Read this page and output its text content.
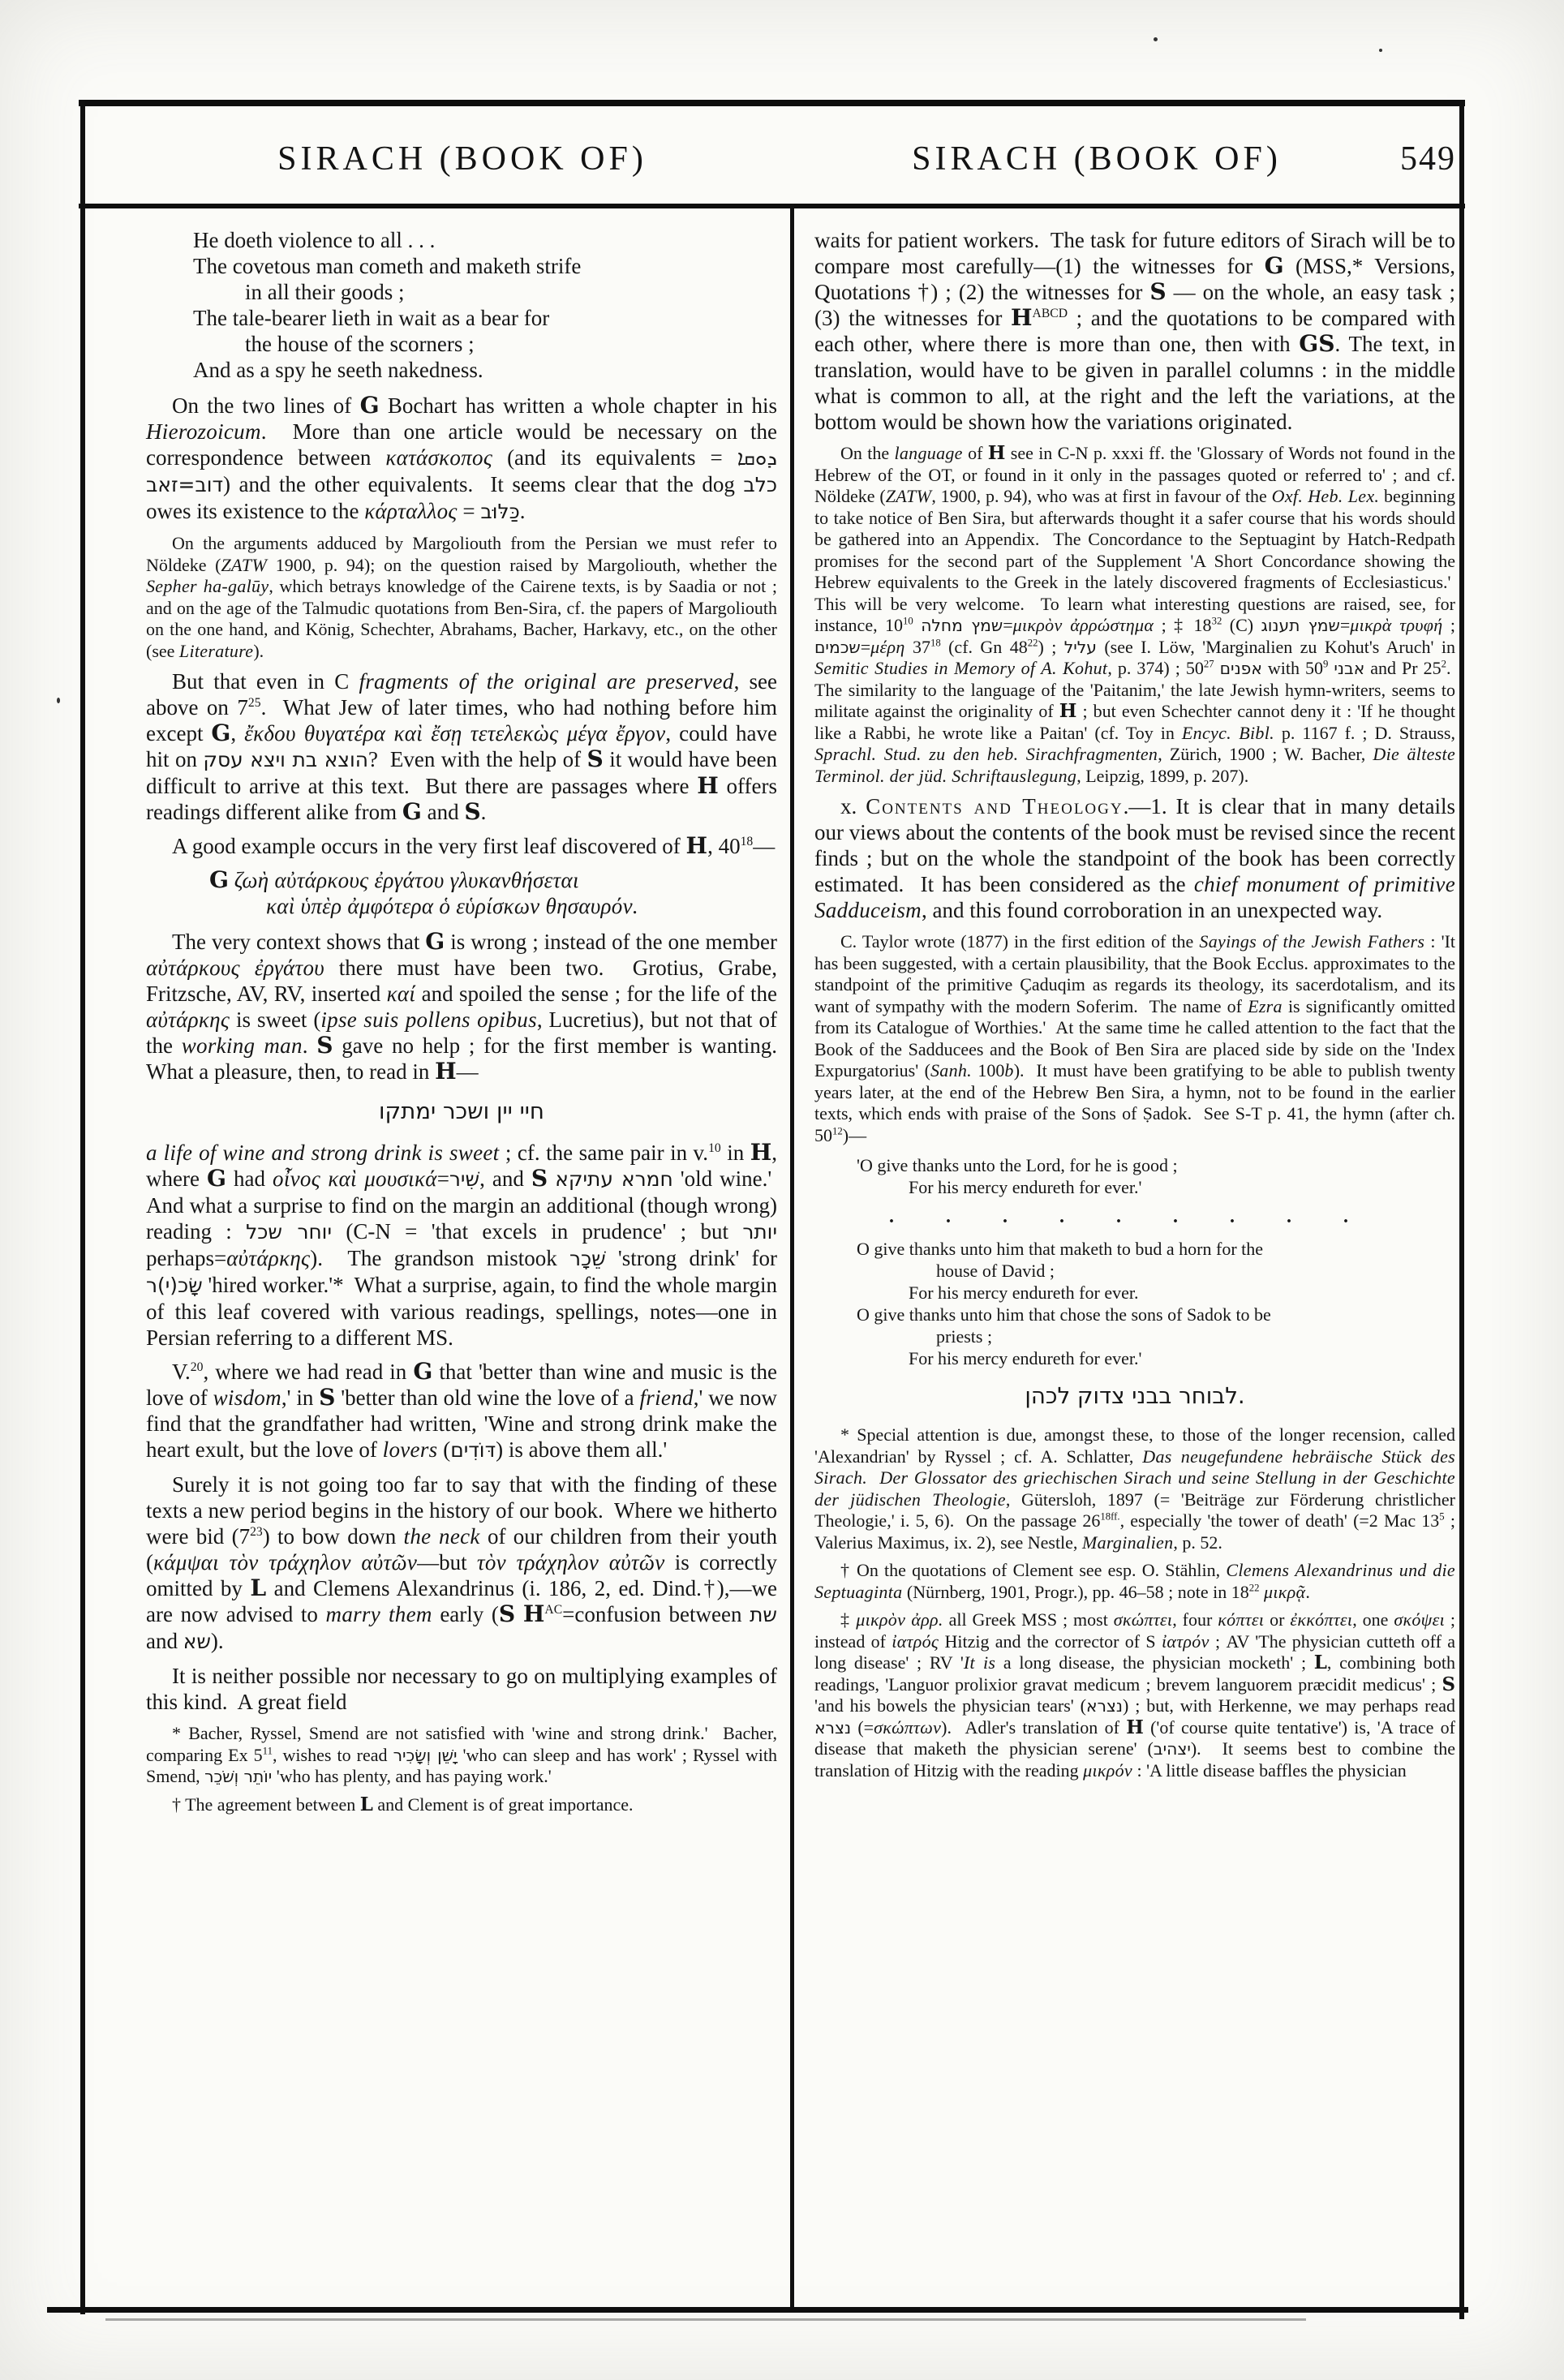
SIRACH (BOOK OF)	SIRACH (BOOK OF)	549
He doeth violence to all . . .
The covetous man cometh and maketh strife
in all their goods ;
The tale-bearer lieth in wait as a bear for
the house of the scorners ;
And as a spy he seeth nakedness.
On the two lines of G Bochart has written a whole chapter in his Hierozoicum.  More than one article would be necessary on the correspondence between κατάσκοπος (and its equivalents ܕܘܩܐ = דוב=זאב) and the other equivalents.  It seems clear that the dog כלב owes its existence to the κάρταλλος = כַּלּוּב.
On the arguments adduced by Margoliouth from the Persian we must refer to Nöldeke (ZATW 1900, p. 94); on the question raised by Margoliouth, whether the Sepher ha-galūy, which betrays knowledge of the Cairene texts, is by Saadia or not ; and on the age of the Talmudic quotations from Ben-Sira, cf. the papers of Margoliouth on the one hand, and König, Schechter, Abrahams, Bacher, Harkavy, etc., on the other (see Literature).
But that even in C fragments of the original are preserved, see above on $7^{25}$.  What Jew of later times, who had nothing before him except G, ἔκδου θυγατέρα καὶ ἔσῃ τετελεκὼς μέγα ἔργον, could have hit on הוצא בת ויצא עסק?  Even with the help of S it would have been difficult to arrive at this text.  But there are passages where H offers readings different alike from G and S.
A good example occurs in the very first leaf discovered of H, $40^{18}—$
G ζωὴ αὐτάρκους ἐργάτου γλυκανθήσεται
καὶ ὑπὲρ ἀμφότερα ὁ εὑρίσκων θησαυρόν.
The very context shows that G is wrong ; instead of the one member αὐτάρκους ἐργάτου there must have been two.  Grotius, Grabe, Fritzsche, AV, RV, inserted καί and spoiled the sense ; for the life of the αὐτάρκης is sweet (ipse suis pollens opibus, Lucretius), but not that of the working man. S gave no help ; for the first member is wanting. What a pleasure, then, to read in H—
חיי יין ושכר ימתקו
a life of wine and strong drink is sweet ; cf. the same pair in v.$^{10}$ in H, where G had οἶνος καὶ μουσικά=שִׁיר, and S חמרא עתיקא 'old wine.'  And what a surprise to find on the margin an additional (though wrong) reading : יוחר שכל (C-N = 'that excels in prudence' ; but יותר perhaps=αὐτάρκης).  The grandson mistook שֵׁכָר 'strong drink' for שָׂכ(י)ר 'hired worker.'*  What a surprise, again, to find the whole margin of this leaf covered with various readings, spellings, notes—one in Persian referring to a different MS.
V.$^{20}$, where we had read in G that 'better than wine and music is the love of wisdom,' in S 'better than old wine the love of a friend,' we now find that the grandfather had written, 'Wine and strong drink make the heart exult, but the love of lovers (דּוֹדִים) is above them all.'
Surely it is not going too far to say that with the finding of these texts a new period begins in the history of our book.  Where we hitherto were bid $(7^{23})$ to bow down the neck of our children from their youth (κάμψαι τὸν τράχηλον αὐτῶν—but τὸν τράχηλον αὐτῶν is correctly omitted by L and Clemens Alexandrinus (i. 186, 2, ed. Dind.†),—we are now advised to marry them early (S $H^{AC}=confusion$ between שת and שא).
It is neither possible nor necessary to go on multiplying examples of this kind.  A great field
* Bacher, Ryssel, Smend are not satisfied with 'wine and strong drink.'  Bacher, comparing Ex $5^{11}$, wishes to read יָשֵׁן וְשָׂכִיר 'who can sleep and has work' ; Ryssel with Smend, יוֹתֵר וְשֹׁכֵר 'who has plenty, and has paying work.'
† The agreement between L and Clement is of great importance.
waits for patient workers.  The task for future editors of Sirach will be to compare most carefully—(1) the witnesses for G (MSS,* Versions, Quotations †) ; (2) the witnesses for S — on the whole, an easy task ; (3) the witnesses for $H^{ABCD}$ ; and the quotations to be compared with each other, where there is more than one, then with GS. The text, in translation, would have to be given in parallel columns : in the middle what is common to all, at the right and the left the variations, at the bottom would be shown how the variations originated.
On the language of H see in C-N p. xxxi ff. the 'Glossary of Words not found in the Hebrew of the OT, or found in it only in the passages quoted or referred to' ; and cf. Nöldeke (ZATW, 1900, p. 94), who was at first in favour of the Oxf. Heb. Lex. beginning to take notice of Ben Sira, but afterwards thought it a safer course that his words should be gathered into an Appendix.  The Concordance to the Septuagint by Hatch-Redpath promises for the second part of the Supplement 'A Short Concordance showing the Hebrew equivalents to the Greek in the lately discovered fragments of Ecclesiasticus.'  This will be very welcome.  To learn what interesting questions are raised, see, for instance, $10^{10}$ שמץ מחלה=μικρὸν ἀρρώστημα ; ‡ $18^{32}$ (C) שמץ תענוג=μικρὰ τρυφή ; שכמים=μέρη $37^{18}$ (cf. Gn $48^{22}$) ; עליל (see I. Löw, 'Marginalien zu Kohut's Aruch' in Semitic Studies in Memory of A. Kohut, p. 374) ; אפנים $50^{27}$	with אבני $50^9$ and Pr $25^2$.  The similarity to the language of the 'Paitanim,' the late Jewish hymn-writers, seems to militate against the originality of H ; but even Schechter cannot deny it : 'If he thought like a Rabbi, he wrote like a Paitan' (cf. Toy in Encyc. Bibl. p. 1167 f. ; D. Strauss, Sprachl. Stud. zu den heb. Sirachfragmenten, Zürich, 1900 ; W. Bacher, Die älteste Terminol. der jüd. Schriftauslegung, Leipzig, 1899, p. 207).
x. Contents and Theology.—1. It is clear that in many details our views about the contents of the book must be revised since the recent finds ; but on the whole the standpoint of the book has been correctly estimated.  It has been considered as the chief monument of primitive Sadduceism, and this found corroboration in an unexpected way.
C. Taylor wrote (1877) in the first edition of the Sayings of the Jewish Fathers : 'It has been suggested, with a certain plausibility, that the Book Ecclus. approximates to the standpoint of the primitive Çaduqim as regards its theology, its sacerdotalism, and its want of sympathy with the modern Soferim.  The name of Ezra is significantly omitted from its Catalogue of Worthies.'  At the same time he called attention to the fact that the Book of the Sadducees and the Book of Ben Sira are placed side by side on the 'Index Expurgatorius' (Sanh. 100b).  It must have been gratifying to be able to publish twenty years later, at the end of the Hebrew Ben Sira, a hymn, not to be found in the earlier texts, which ends with praise of the Sons of Ṣadok.  See S-T p. 41, the hymn (after ch. $50^{12})—$
'O give thanks unto the Lord, for he is good ;
For his mercy endureth for ever.'
. . . . . . . . .
O give thanks unto him that maketh to bud a horn for the
house of David ;
For his mercy endureth for ever.
O give thanks unto him that chose the sons of Sadok to be
priests ;
For his mercy endureth for ever.'
לבוחר בבני צדוק לכהן.
* Special attention is due, amongst these, to those of the longer recension, called 'Alexandrian' by Ryssel ; cf. A. Schlatter, Das neugefundene hebräische Stück des Sirach.  Der Glossator des griechischen Sirach und seine Stellung in der Geschichte der jüdischen Theologie, Gütersloh, 1897 (= 'Beiträge zur Förderung christlicher Theologie,' i. 5, 6).  On the passage $26^{18ff.}$, especially 'the tower of death' (=2 Mac $13^5$ ; Valerius Maximus, ix. 2), see Nestle, Marginalien, p. 52.
† On the quotations of Clement see esp. O. Stählin, Clemens Alexandrinus und die Septuaginta (Nürnberg, 1901, Progr.), pp. 46–58 ; note in $18^{22}$ μικρᾷ.
‡ μικρὸν ἀρρ. all Greek MSS ; most σκώπτει, four κόπτει or ἐκκόπτει, one σκόψει ; instead of ἰατρός Hitzig and the corrector of S ἰατρόν ; AV 'The physician cutteth off a long disease' ; RV 'It is a long disease, the physician mocketh' ; L, combining both readings, 'Languor prolixior gravat medicum ; brevem languorem præcidit medicus' ; S 'and his bowels the physician tears' (נצרא) ; but, with Herkenne, we may perhaps read נצרא (=σκώπτων).  Adler's translation of H ('of course quite tentative') is, 'A trace of disease that maketh the physician serene' (יצהיב).  It seems best to combine the translation of Hitzig with the reading μικρόν : 'A little disease baffles the physician
